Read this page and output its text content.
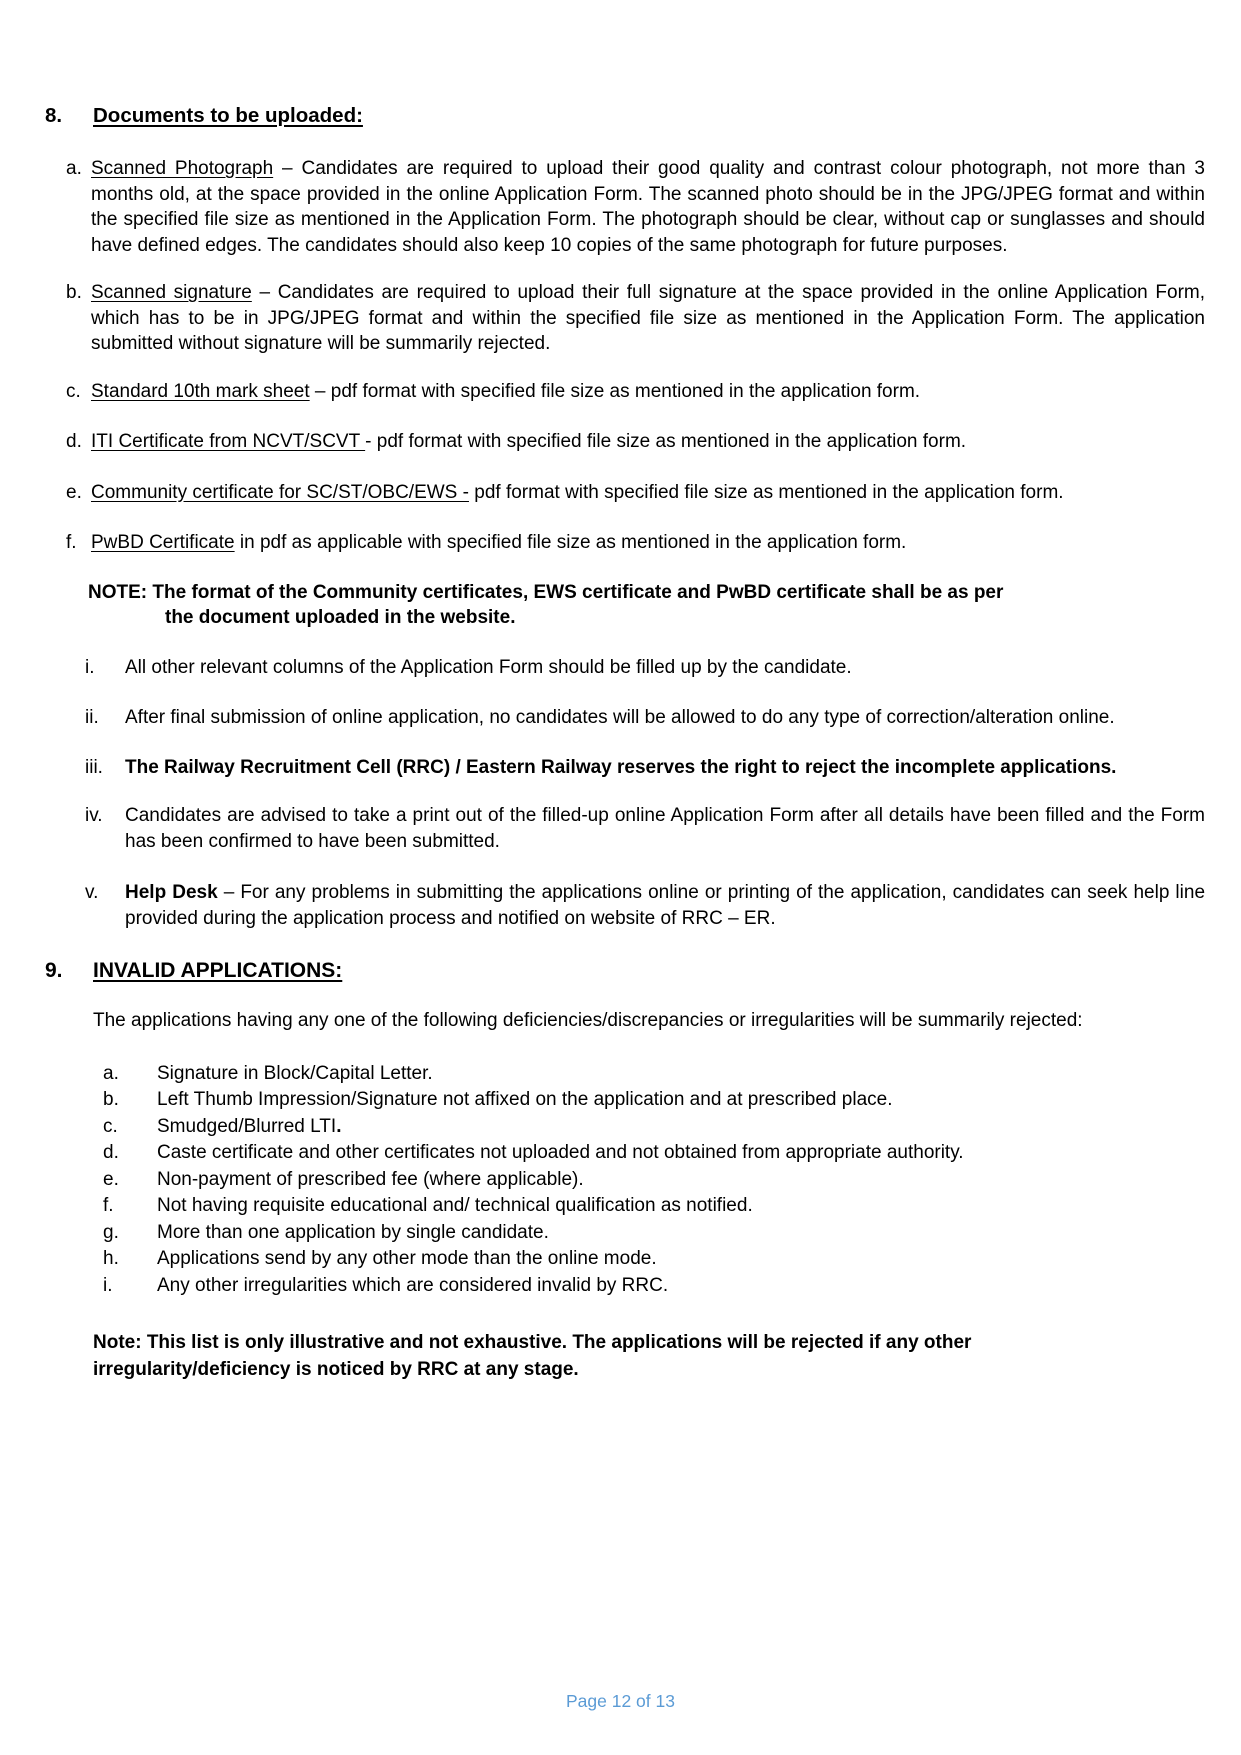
8.	Documents to be uploaded:
a. Scanned Photograph – Candidates are required to upload their good quality and contrast colour photograph, not more than 3 months old, at the space provided in the online Application Form. The scanned photo should be in the JPG/JPEG format and within the specified file size as mentioned in the Application Form. The photograph should be clear, without cap or sunglasses and should have defined edges. The candidates should also keep 10 copies of the same photograph for future purposes.
b. Scanned signature – Candidates are required to upload their full signature at the space provided in the online Application Form, which has to be in JPG/JPEG format and within the specified file size as mentioned in the Application Form. The application submitted without signature will be summarily rejected.
c. Standard 10th mark sheet – pdf format with specified file size as mentioned in the application form.
d. ITI Certificate from NCVT/SCVT - pdf format with specified file size as mentioned in the application form.
e. Community certificate for SC/ST/OBC/EWS - pdf format with specified file size as mentioned in the application form.
f. PwBD Certificate in pdf as applicable with specified file size as mentioned in the application form.
NOTE: The format of the Community certificates, EWS certificate and PwBD certificate shall be as per the document uploaded in the website.
i.	All other relevant columns of the Application Form should be filled up by the candidate.
ii.	After final submission of online application, no candidates will be allowed to do any type of correction/alteration online.
iii.	The Railway Recruitment Cell (RRC) / Eastern Railway reserves the right to reject the incomplete applications.
iv.	Candidates are advised to take a print out of the filled-up online Application Form after all details have been filled and the Form has been confirmed to have been submitted.
v.	Help Desk – For any problems in submitting the applications online or printing of the application, candidates can seek help line provided during the application process and notified on website of RRC – ER.
9.	INVALID APPLICATIONS:
The applications having any one of the following deficiencies/discrepancies or irregularities will be summarily rejected:
a.	Signature in Block/Capital Letter.
b.	Left Thumb Impression/Signature not affixed on the application and at prescribed place.
c.	Smudged/Blurred LTI.
d.	Caste certificate and other certificates not uploaded and not obtained from appropriate authority.
e.	Non-payment of prescribed fee (where applicable).
f.	Not having requisite educational and/ technical qualification as notified.
g.	More than one application by single candidate.
h.	Applications send by any other mode than the online mode.
i.	Any other irregularities which are considered invalid by RRC.
Note: This list is only illustrative and not exhaustive. The applications will be rejected if any other irregularity/deficiency is noticed by RRC at any stage.
Page 12 of 13
